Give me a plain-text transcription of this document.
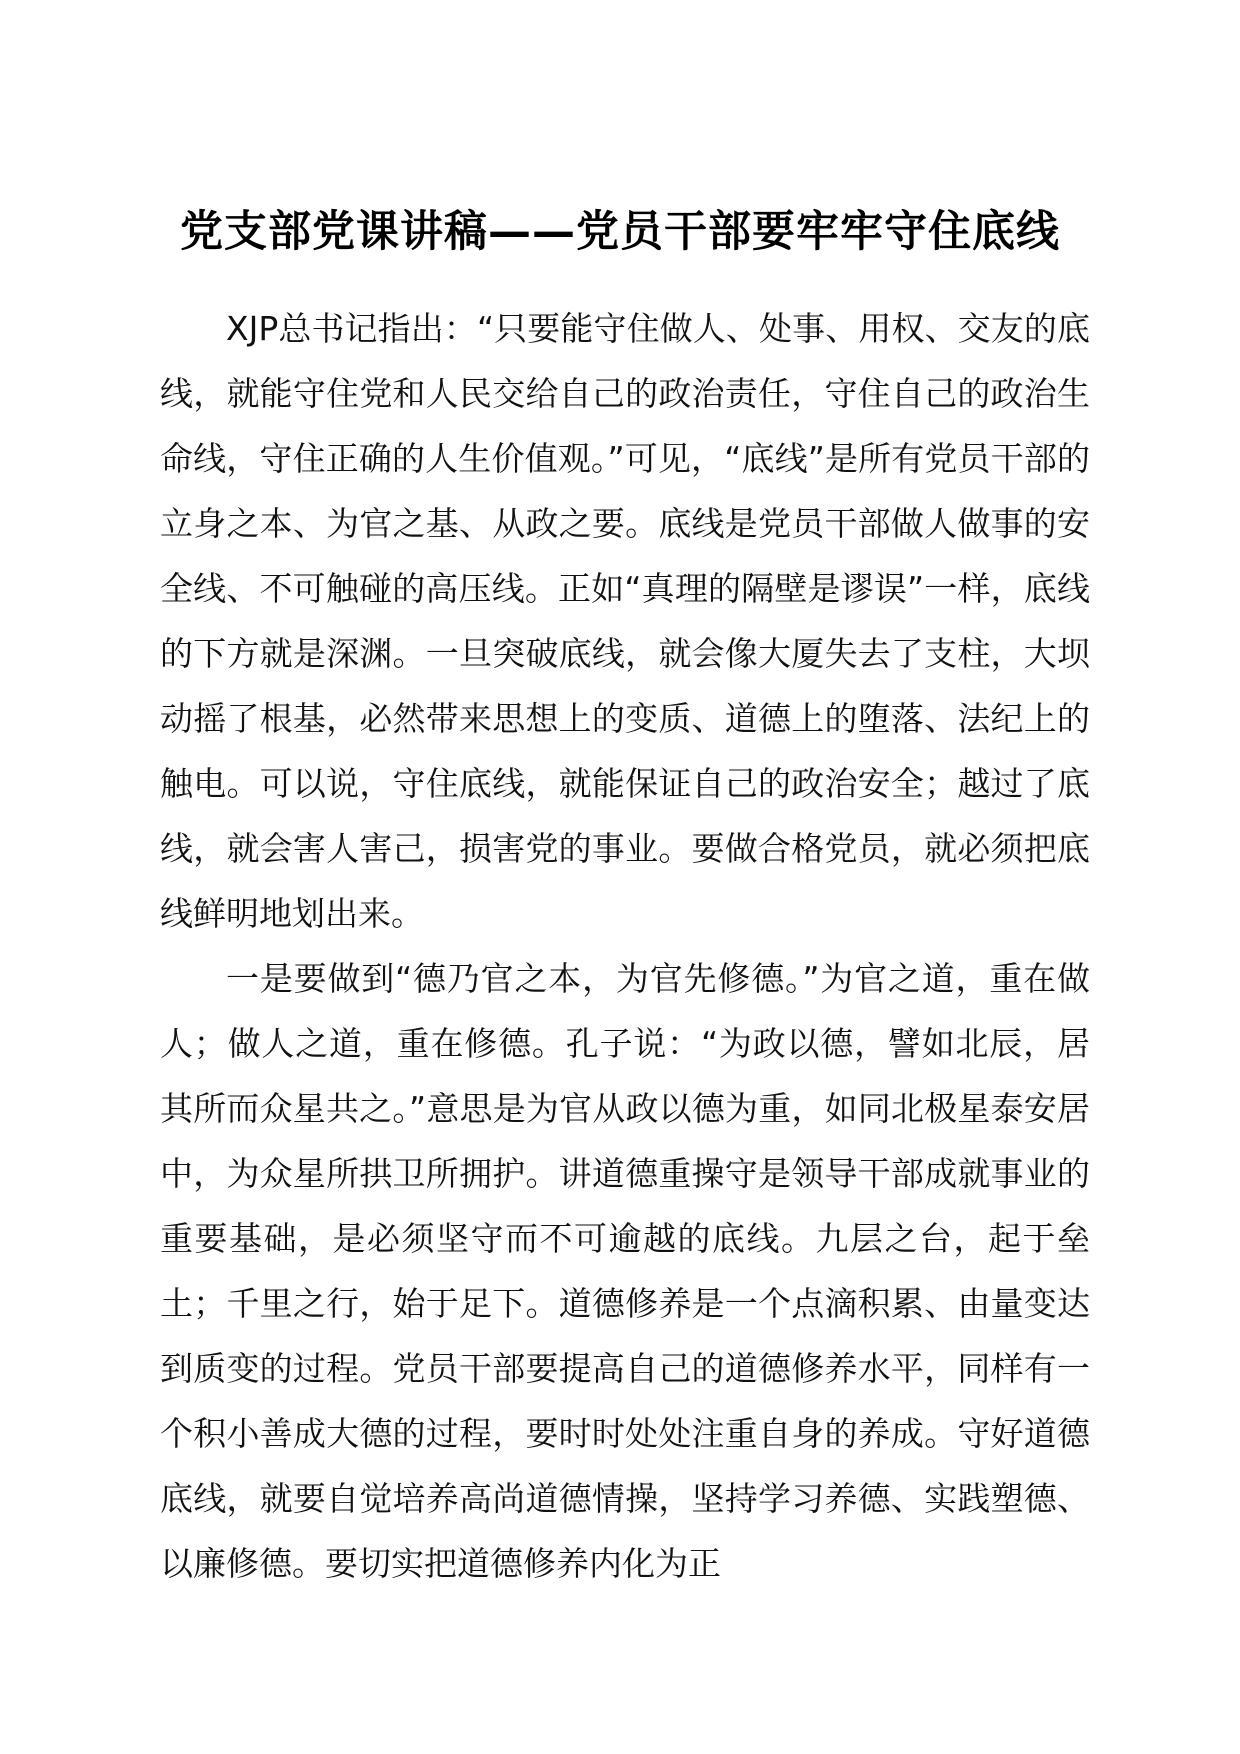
党支部党课讲稿——党员干部要牢牢守住底线

XJP总书记指出：“只要能守住做人、处事、用权、交友的底线，就能守住党和人民交给自己的政治责任，守住自己的政治生命线，守住正确的人生价值观。”可见，“底线”是所有党员干部的立身之本、为官之基、从政之要。底线是党员干部做人做事的安全线、不可触碰的高压线。正如“真理的隔壁是谬误”一样，底线的下方就是深渊。一旦突破底线，就会像大厦失去了支柱，大坝动摇了根基，必然带来思想上的变质、道德上的堕落、法纪上的触电。可以说，守住底线，就能保证自己的政治安全；越过了底线，就会害人害己，损害党的事业。要做合格党员，就必须把底线鲜明地划出来。

一是要做到“德乃官之本，为官先修德。”为官之道，重在做人；做人之道，重在修德。孔子说：“为政以德，譬如北辰，居其所而众星共之。”意思是为官从政以德为重，如同北极星泰安居中，为众星所拱卫所拥护。讲道德重操守是领导干部成就事业的重要基础，是必须坚守而不可逾越的底线。九层之台，起于垒土；千里之行，始于足下。道德修养是一个点滴积累、由量变达到质变的过程。党员干部要提高自己的道德修养水平，同样有一个积小善成大德的过程，要时时处处注重自身的养成。守好道德底线，就要自觉培养高尚道德情操，坚持学习养德、实践塑德、以廉修德。要切实把道德修养内化为正
